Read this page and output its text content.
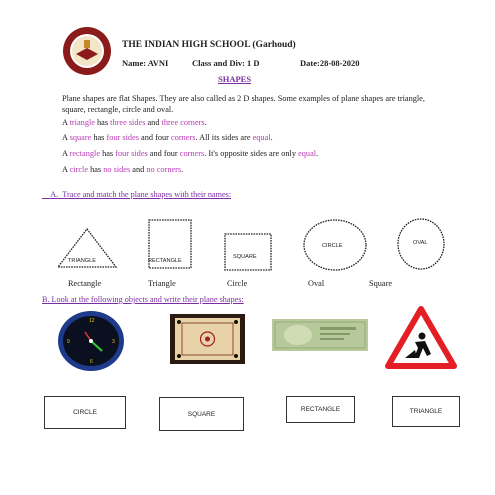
THE INDIAN HIGH SCHOOL (Garhoud)
Name: AVNI	Class and Div: 1 D	Date:28-08-2020
SHAPES
Plane shapes are flat Shapes. They are also called as 2 D shapes. Some examples of plane shapes are triangle, square, rectangle, circle and oval.
A triangle has three sides and three corners.
A square has four sides and four corners. All its sides are equal.
A rectangle has four sides and four corners. It's opposite sides are only equal.
A circle has no sides and no corners.
A. Trace and match the plane shapes with their names:
TRIANGLE	RECTANGLE
SQUARE
CIRCLE	OVAL
Rectangle	Triangle	Circle	Oval	Square
B. Look at the following objects and write their plane shapes:
12
3
6
9
CIRCLE	SQUARE
RECTANGLE	TRIANGLE
